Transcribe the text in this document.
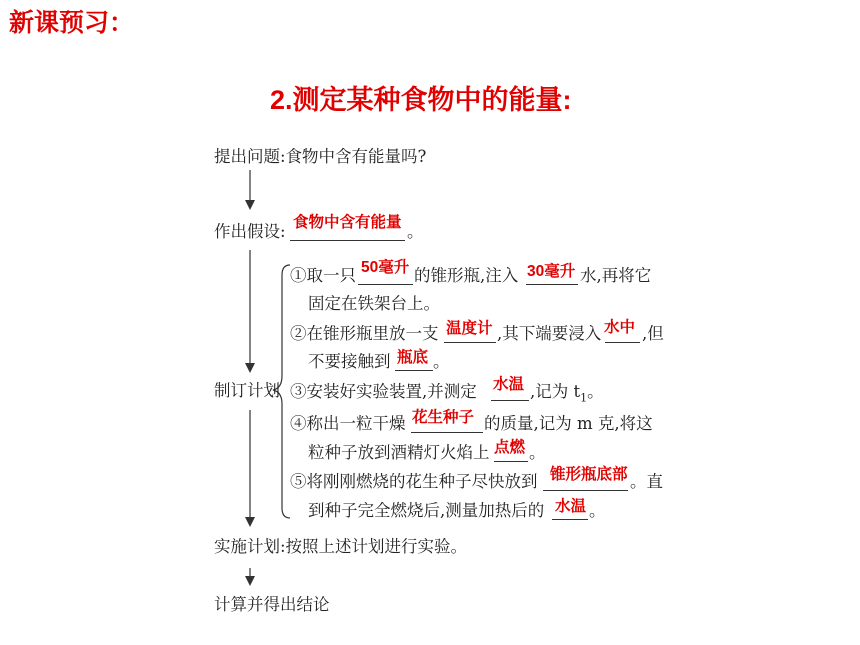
新课预习：
2.测定某种食物中的能量:
提出问题:食物中含有能量吗?
作出假设: 食物中含有能量 。
制订计划
①取一只 50毫升 的锥形瓶,注入 30毫升 水,再将它
固定在铁架台上。
②在锥形瓶里放一支 温度计 ,其下端要浸入 水中 ,但
不要接触到 瓶底 。
③安装好实验装置,并测定 水温 ,记为 $t_1$。
④称出一粒干燥 花生种子 的质量,记为 m 克,将这
粒种子放到酒精灯火焰上 点燃 。
⑤将刚刚燃烧的花生种子尽快放到 锥形瓶底部 。直
到种子完全燃烧后,测量加热后的 水温 。
实施计划:按照上述计划进行实验。
计算并得出结论
